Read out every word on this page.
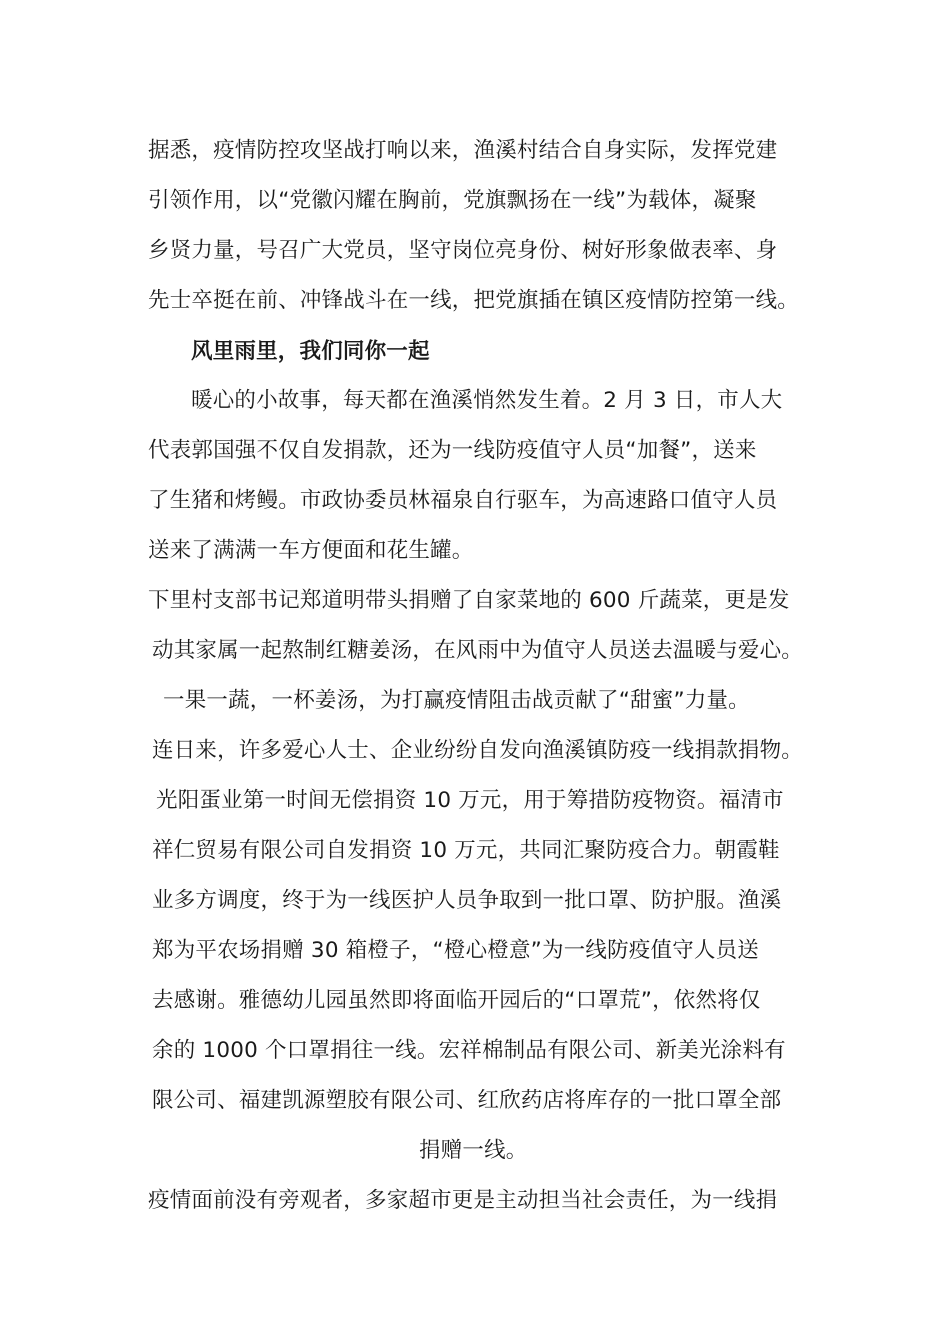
据悉，疫情防控攻坚战打响以来，渔溪村结合自身实际，发挥党建
引领作用，以“党徽闪耀在胸前，党旗飘扬在一线”为载体，凝聚
乡贤力量，号召广大党员，坚守岗位亮身份、树好形象做表率、身
先士卒挺在前、冲锋战斗在一线，把党旗插在镇区疫情防控第一线。
风里雨里，我们同你一起
暖心的小故事，每天都在渔溪悄然发生着。2 月 3 日，市人大
代表郭国强不仅自发捐款，还为一线防疫值守人员“加餐”，送来
了生猪和烤鳗。市政协委员林福泉自行驱车，为高速路口值守人员
送来了满满一车方便面和花生罐。
下里村支部书记郑道明带头捐赠了自家菜地的 600 斤蔬菜，更是发
动其家属一起熬制红糖姜汤，在风雨中为值守人员送去温暖与爱心。
一果一蔬，一杯姜汤，为打赢疫情阻击战贡献了“甜蜜”力量。
连日来，许多爱心人士、企业纷纷自发向渔溪镇防疫一线捐款捐物。
光阳蛋业第一时间无偿捐资 10 万元，用于筹措防疫物资。福清市
祥仁贸易有限公司自发捐资 10 万元，共同汇聚防疫合力。朝霞鞋
业多方调度，终于为一线医护人员争取到一批口罩、防护服。渔溪
郑为平农场捐赠 30 箱橙子，“橙心橙意”为一线防疫值守人员送
去感谢。雅德幼儿园虽然即将面临开园后的“口罩荒”，依然将仅
余的 1000 个口罩捐往一线。宏祥棉制品有限公司、新美光涂料有
限公司、福建凯源塑胶有限公司、红欣药店将库存的一批口罩全部
捐赠一线。
疫情面前没有旁观者，多家超市更是主动担当社会责任，为一线捐
